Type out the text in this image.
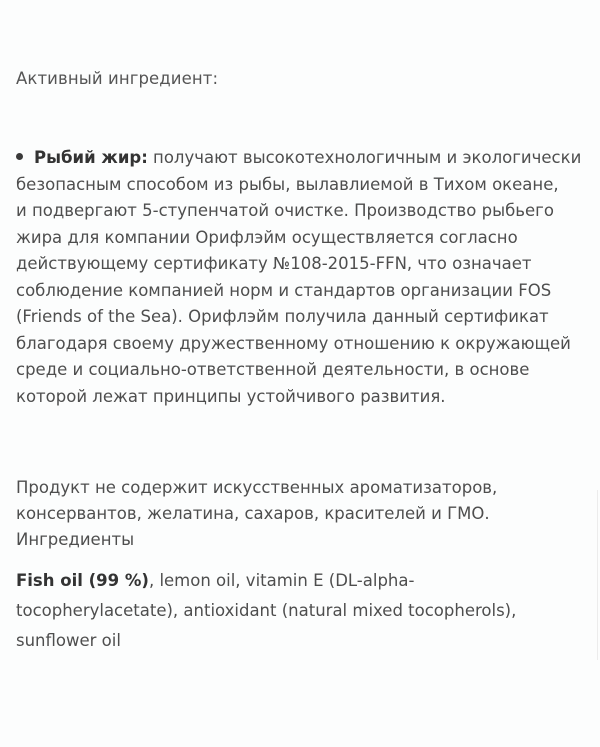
Активный ингредиент:
Рыбий жир: получают высокотехнологичным и экологически
безопасным способом из рыбы, вылавлиемой в Тихом океане,
и подвергают 5-ступенчатой очистке. Производство рыбьего
жира для компании Орифлэйм осуществляется согласно
действующему сертификату №108-2015-FFN, что означает
соблюдение компанией норм и стандартов организации FOS
(Friends of the Sea). Орифлэйм получила данный сертификат
благодаря своему дружественному отношению к окружающей
среде и социально-ответственной деятельности, в основе
которой лежат принципы устойчивого развития.
Продукт не содержит искусственных ароматизаторов,
консервантов, желатина, сахаров, красителей и ГМО.
Ингредиенты
Fish oil (99 %), lemon oil, vitamin E (DL-alpha-
tocopherylacetate), antioxidant (natural mixed tocopherols),
sunflower oil
